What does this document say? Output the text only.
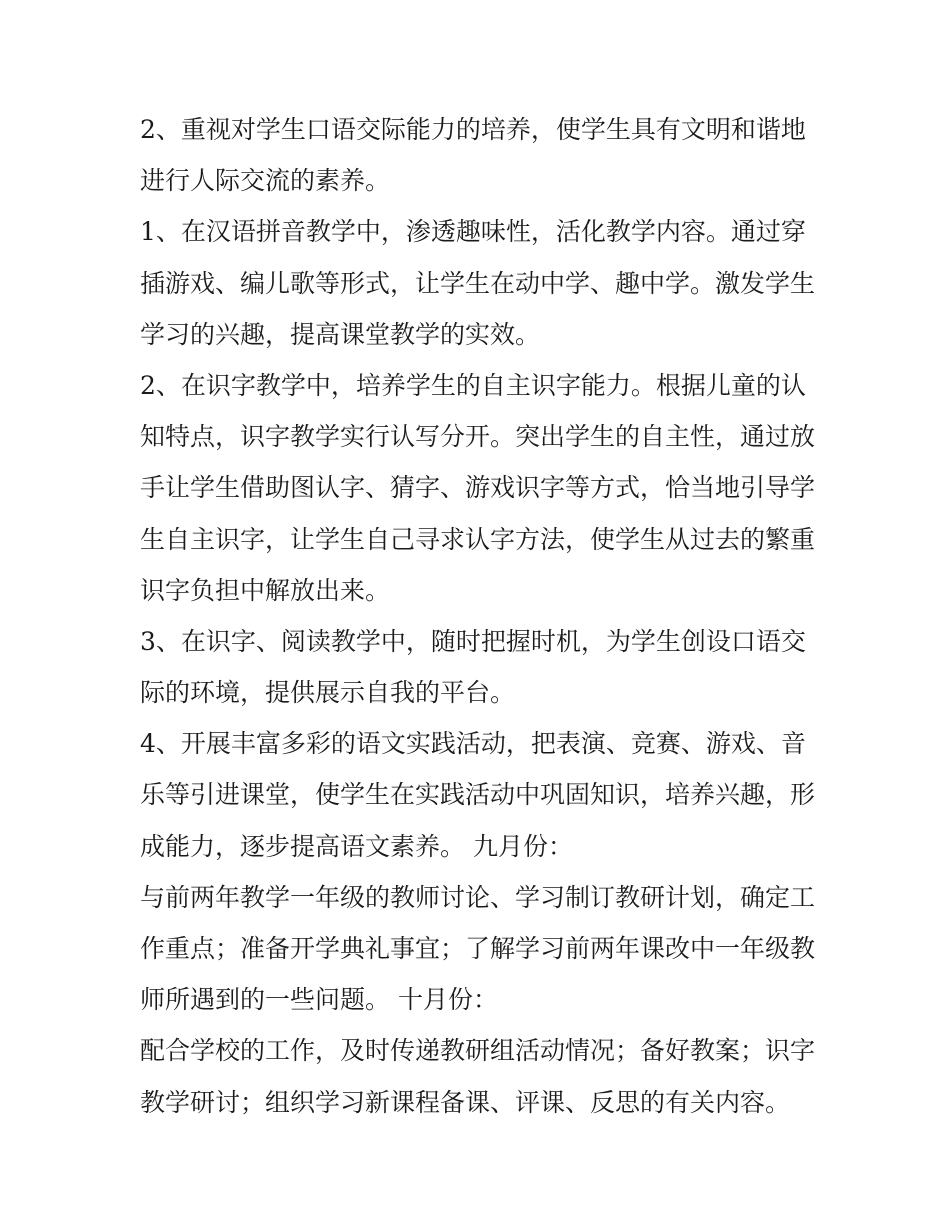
2、重视对学生口语交际能力的培养，使学生具有文明和谐地
进行人际交流的素养。

1、在汉语拼音教学中，渗透趣味性，活化教学内容。通过穿
插游戏、编儿歌等形式，让学生在动中学、趣中学。激发学生
学习的兴趣，提高课堂教学的实效。

2、在识字教学中，培养学生的自主识字能力。根据儿童的认
知特点，识字教学实行认写分开。突出学生的自主性，通过放
手让学生借助图认字、猜字、游戏识字等方式，恰当地引导学
生自主识字，让学生自己寻求认字方法，使学生从过去的繁重
识字负担中解放出来。

3、在识字、阅读教学中，随时把握时机，为学生创设口语交
际的环境，提供展示自我的平台。

4、开展丰富多彩的语文实践活动，把表演、竞赛、游戏、音
乐等引进课堂，使学生在实践活动中巩固知识，培养兴趣，形
成能力，逐步提高语文素养。 九月份：

与前两年教学一年级的教师讨论、学习制订教研计划，确定工
作重点；准备开学典礼事宜；了解学习前两年课改中一年级教
师所遇到的一些问题。 十月份：

配合学校的工作，及时传递教研组活动情况；备好教案；识字
教学研讨；组织学习新课程备课、评课、反思的有关内容。
